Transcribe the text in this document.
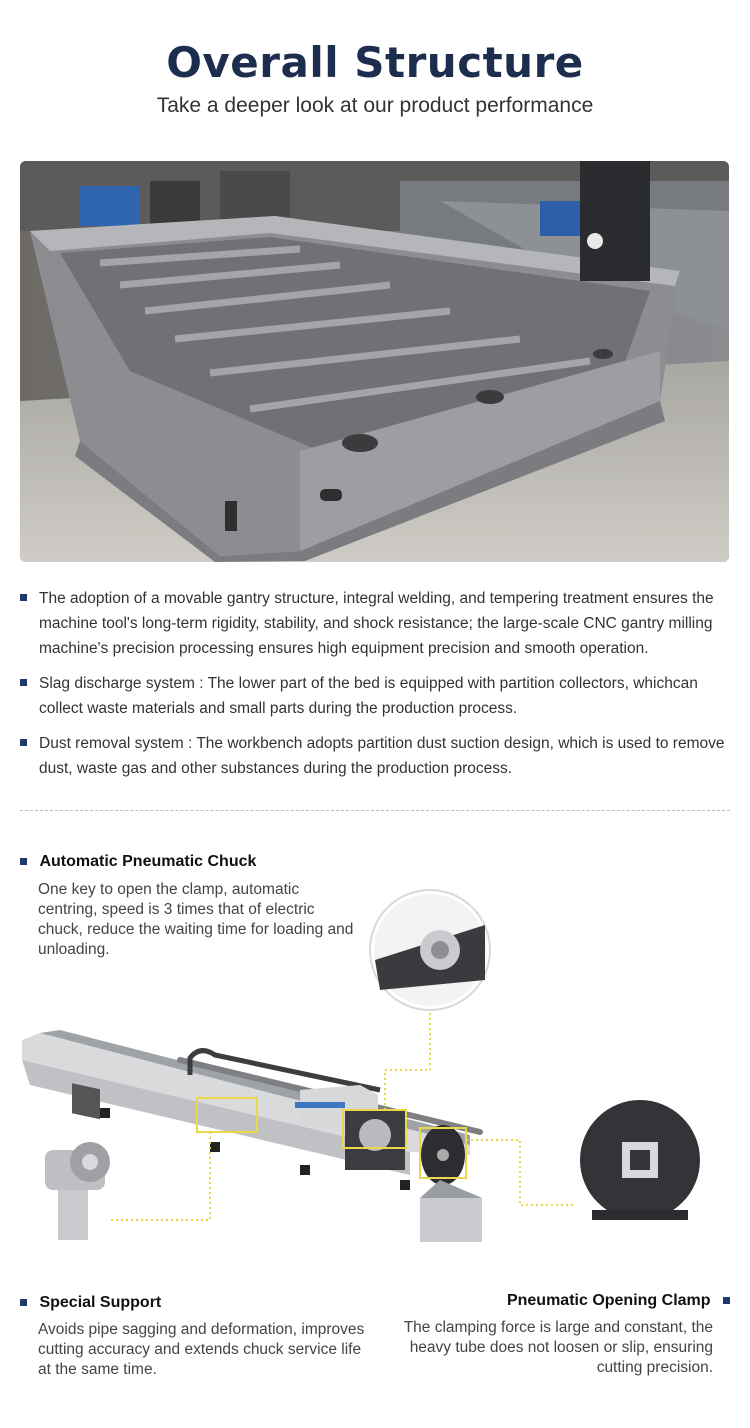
Overall Structure
Take a deeper look at our product performance
The adoption of a movable gantry structure, integral welding, and tempering treatment ensures the machine tool's long-term rigidity, stability, and shock resistance; the large-scale CNC gantry milling machine's precision processing ensures high equipment precision and smooth operation.
Slag discharge system : The lower part of the bed is equipped with partition collectors, whichcan collect waste materials and small parts during the production process.
Dust removal system : The workbench adopts partition dust suction design, which is used to remove dust, waste gas and other substances during the production process.
Automatic Pneumatic Chuck
One key to open the clamp, automatic centring, speed is 3 times that of electric chuck, reduce the waiting time for loading and unloading.
Special Support
Avoids pipe sagging and deformation, improves cutting accuracy and extends chuck service life at the same time.
Pneumatic Opening Clamp
The clamping force is large and constant, the heavy tube does not loosen or slip, ensuring cutting precision.
